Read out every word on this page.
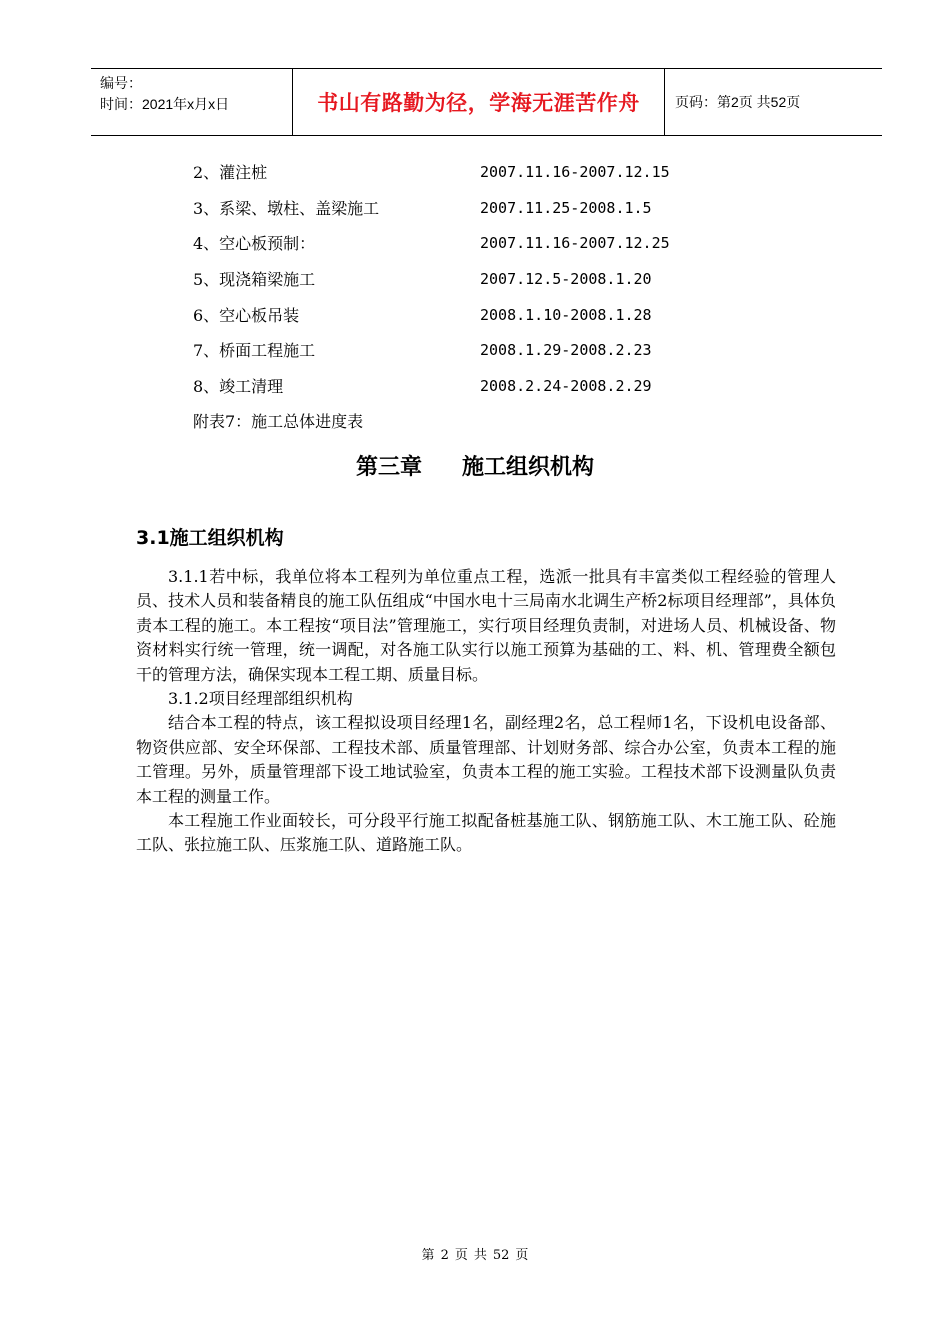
编号：
时间：2021年x月x日	书山有路勤为径，学海无涯苦作舟	页码：第2页 共52页
2、灌注桩	2007.11.16-2007.12.15
3、系梁、墩柱、盖梁施工	2007.11.25-2008.1.5
4、空心板预制：	2007.11.16-2007.12.25
5、现浇箱梁施工	2007.12.5-2008.1.20
6、空心板吊装	2008.1.10-2008.1.28
7、桥面工程施工	2008.1.29-2008.2.23
8、竣工清理	2008.2.24-2008.2.29
附表7：施工总体进度表
第三章 施工组织机构
3.1施工组织机构

3.1.1若中标，我单位将本工程列为单位重点工程，选派一批具有丰富类似工程经验的管理人员、技术人员和装备精良的施工队伍组成“中国水电十三局南水北调生产桥2标项目经理部”，具体负责本工程的施工。本工程按“项目法”管理施工，实行项目经理负责制，对进场人员、机械设备、物资材料实行统一管理，统一调配，对各施工队实行以施工预算为基础的工、料、机、管理费全额包干的管理方法，确保实现本工程工期、质量目标。

3.1.2项目经理部组织机构

结合本工程的特点，该工程拟设项目经理1名，副经理2名，总工程师1名，下设机电设备部、物资供应部、安全环保部、工程技术部、质量管理部、计划财务部、综合办公室，负责本工程的施工管理。另外，质量管理部下设工地试验室，负责本工程的施工实验。工程技术部下设测量队负责本工程的测量工作。

本工程施工作业面较长，可分段平行施工拟配备桩基施工队、钢筋施工队、木工施工队、砼施工队、张拉施工队、压浆施工队、道路施工队。

第 2 页 共 52 页
